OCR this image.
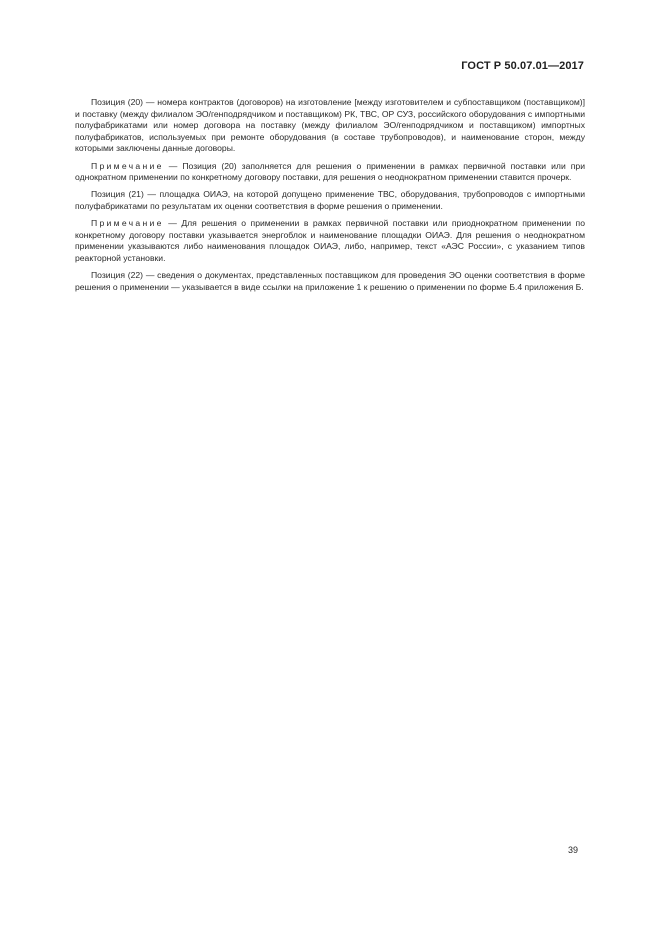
ГОСТ Р 50.07.01—2017

Позиция (20) — номера контрактов (договоров) на изготовление [между изготовителем и субпоставщиком (поставщиком)] и поставку (между филиалом ЭО/генподрядчиком и поставщиком) РК, ТВС, ОР СУЗ, российского оборудования с импортными полуфабрикатами или номер договора на поставку (между филиалом ЭО/генподрядчиком и поставщиком) импортных полуфабрикатов, используемых при ремонте оборудования (в составе трубопроводов), и наименование сторон, между которыми заключены данные договоры.

Примечание — Позиция (20) заполняется для решения о применении в рамках первичной поставки или при однократном применении по конкретному договору поставки, для решения о неоднократном применении ставится прочерк.

Позиция (21) — площадка ОИАЭ, на которой допущено применение ТВС, оборудования, трубопроводов с импортными полуфабрикатами по результатам их оценки соответствия в форме решения о применении.

Примечание — Для решения о применении в рамках первичной поставки или приоднократном применении по конкретному договору поставки указывается энергоблок и наименование площадки ОИАЭ. Для решения о неоднократном применении указываются либо наименования площадок ОИАЭ, либо, например, текст «АЭС России», с указанием типов реакторной установки.

Позиция (22) — сведения о документах, представленных поставщиком для проведения ЭО оценки соответствия в форме решения о применении — указывается в виде ссылки на приложение 1 к решению о применении по форме Б.4 приложения Б.

39
